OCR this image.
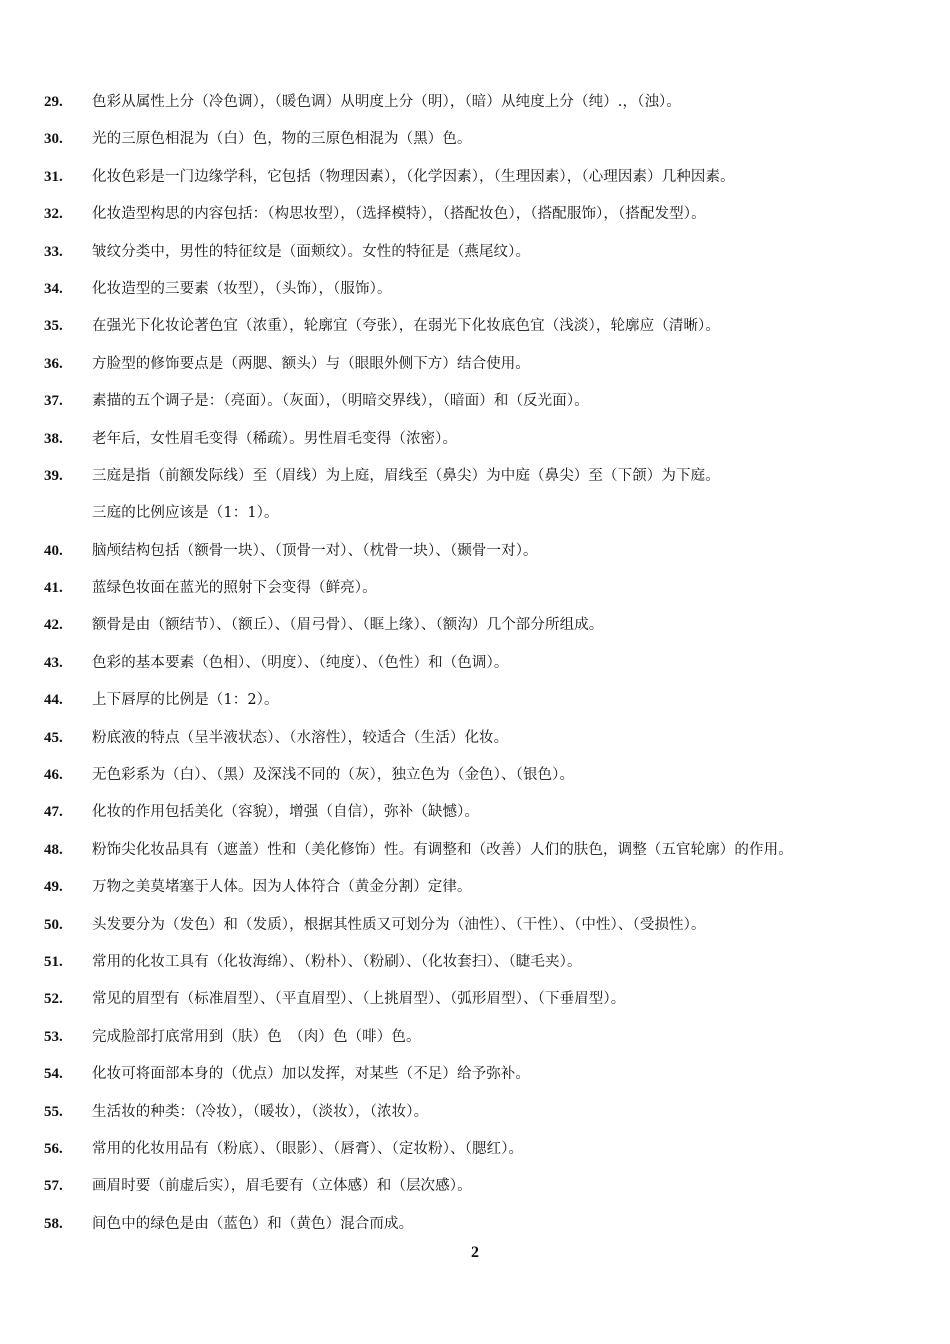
29.	色彩从属性上分（冷色调），（暖色调）从明度上分（明），（暗）从纯度上分（纯）.，（浊）。
30.	光的三原色相混为（白）色，物的三原色相混为（黑）色。
31.	化妆色彩是一门边缘学科，它包括（物理因素），（化学因素），（生理因素），（心理因素）几种因素。
32.	化妆造型构思的内容包括：（构思妆型），（选择模特），（搭配妆色），（搭配服饰），（搭配发型）。
33.	皱纹分类中，男性的特征纹是（面颊纹）。女性的特征是（燕尾纹）。
34.	化妆造型的三要素（妆型），（头饰），（服饰）。
35.	在强光下化妆论著色宜（浓重），轮廓宜（夸张），在弱光下化妆底色宜（浅淡），轮廓应（清晰）。
36.	方脸型的修饰要点是（两腮、额头）与（眼眼外侧下方）结合使用。
37.	素描的五个调子是：（亮面）。（灰面），（明暗交界线），（暗面）和（反光面）。
38.	老年后，女性眉毛变得（稀疏）。男性眉毛变得（浓密）。
39.	三庭是指（前额发际线）至（眉线）为上庭，眉线至（鼻尖）为中庭（鼻尖）至（下颌）为下庭。
三庭的比例应该是（1：1）。
40.	脑颅结构包括（额骨一块）、（顶骨一对）、（枕骨一块）、（颞骨一对）。
41.	蓝绿色妆面在蓝光的照射下会变得（鲜亮）。
42.	额骨是由（额结节）、（额丘）、（眉弓骨）、（眶上缘）、（额沟）几个部分所组成。
43.	色彩的基本要素（色相）、（明度）、（纯度）、（色性）和（色调）。
44.	上下唇厚的比例是（1：2）。
45.	粉底液的特点（呈半液状态）、（水溶性），较适合（生活）化妆。
46.	无色彩系为（白）、（黑）及深浅不同的（灰），独立色为（金色）、（银色）。
47.	化妆的作用包括美化（容貌），增强（自信），弥补（缺憾）。
48.	粉饰尖化妆品具有（遮盖）性和（美化修饰）性。有调整和（改善）人们的肤色，调整（五官轮廓）的作用。
49.	万物之美莫堵塞于人体。因为人体符合（黄金分割）定律。
50.	头发要分为（发色）和（发质），根据其性质又可划分为（油性）、（干性）、（中性）、（受损性）。
51.	常用的化妆工具有（化妆海绵）、（粉朴）、（粉刷）、（化妆套扫）、（睫毛夹）。
52.	常见的眉型有（标准眉型）、（平直眉型）、（上挑眉型）、（弧形眉型）、（下垂眉型）。
53.	完成脸部打底常用到（肤）色　（肉）色（啡）色。
54.	化妆可将面部本身的（优点）加以发挥，对某些（不足）给予弥补。
55.	生活妆的种类：（冷妆），（暖妆），（淡妆），（浓妆）。
56.	常用的化妆用品有（粉底）、（眼影）、（唇膏）、（定妆粉）、（腮红）。
57.	画眉时要（前虚后实），眉毛要有（立体感）和（层次感）。
58.	间色中的绿色是由（蓝色）和（黄色）混合而成。
2
